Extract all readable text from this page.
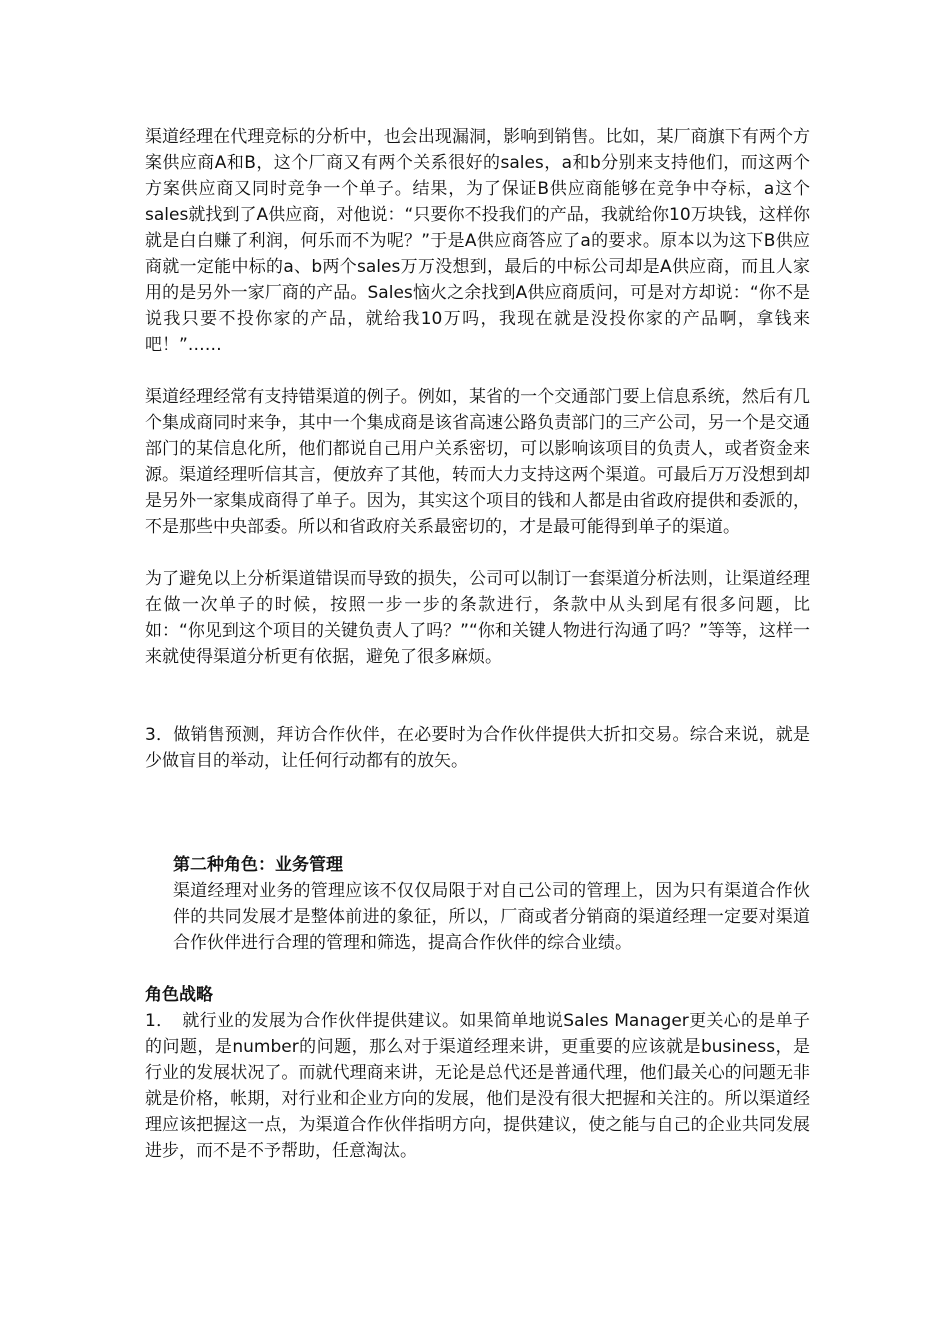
渠道经理在代理竞标的分析中，也会出现漏洞，影响到销售。比如，某厂商旗下有两个方案供应商A和B，这个厂商又有两个关系很好的sales，a和b分别来支持他们，而这两个方案供应商又同时竞争一个单子。结果，为了保证B供应商能够在竞争中夺标，a这个sales就找到了A供应商，对他说：“只要你不投我们的产品，我就给你10万块钱，这样你就是白白赚了利润，何乐而不为呢？”于是A供应商答应了a的要求。原本以为这下B供应商就一定能中标的a、b两个sales万万没想到，最后的中标公司却是A供应商，而且人家用的是另外一家厂商的产品。Sales恼火之余找到A供应商质问，可是对方却说：“你不是说我只要不投你家的产品，就给我10万吗，我现在就是没投你家的产品啊，拿钱来吧！”……

渠道经理经常有支持错渠道的例子。例如，某省的一个交通部门要上信息系统，然后有几个集成商同时来争，其中一个集成商是该省高速公路负责部门的三产公司，另一个是交通部门的某信息化所，他们都说自己用户关系密切，可以影响该项目的负责人，或者资金来源。渠道经理听信其言，便放弃了其他，转而大力支持这两个渠道。可最后万万没想到却是另外一家集成商得了单子。因为，其实这个项目的钱和人都是由省政府提供和委派的，不是那些中央部委。所以和省政府关系最密切的，才是最可能得到单子的渠道。

为了避免以上分析渠道错误而导致的损失，公司可以制订一套渠道分析法则，让渠道经理在做一次单子的时候，按照一步一步的条款进行，条款中从头到尾有很多问题，比如：“你见到这个项目的关键负责人了吗？”“你和关键人物进行沟通了吗？”等等，这样一来就使得渠道分析更有依据，避免了很多麻烦。

3．做销售预测，拜访合作伙伴，在必要时为合作伙伴提供大折扣交易。综合来说，就是少做盲目的举动，让任何行动都有的放矢。

第二种角色：业务管理

渠道经理对业务的管理应该不仅仅局限于对自己公司的管理上，因为只有渠道合作伙伴的共同发展才是整体前进的象征，所以，厂商或者分销商的渠道经理一定要对渠道合作伙伴进行合理的管理和筛选，提高合作伙伴的综合业绩。

角色战略

1．　就行业的发展为合作伙伴提供建议。如果简单地说Sales Manager更关心的是单子的问题，是number的问题，那么对于渠道经理来讲，更重要的应该就是business，是行业的发展状况了。而就代理商来讲，无论是总代还是普通代理，他们最关心的问题无非就是价格，帐期，对行业和企业方向的发展，他们是没有很大把握和关注的。所以渠道经理应该把握这一点，为渠道合作伙伴指明方向，提供建议，使之能与自己的企业共同发展进步，而不是不予帮助，任意淘汰。
